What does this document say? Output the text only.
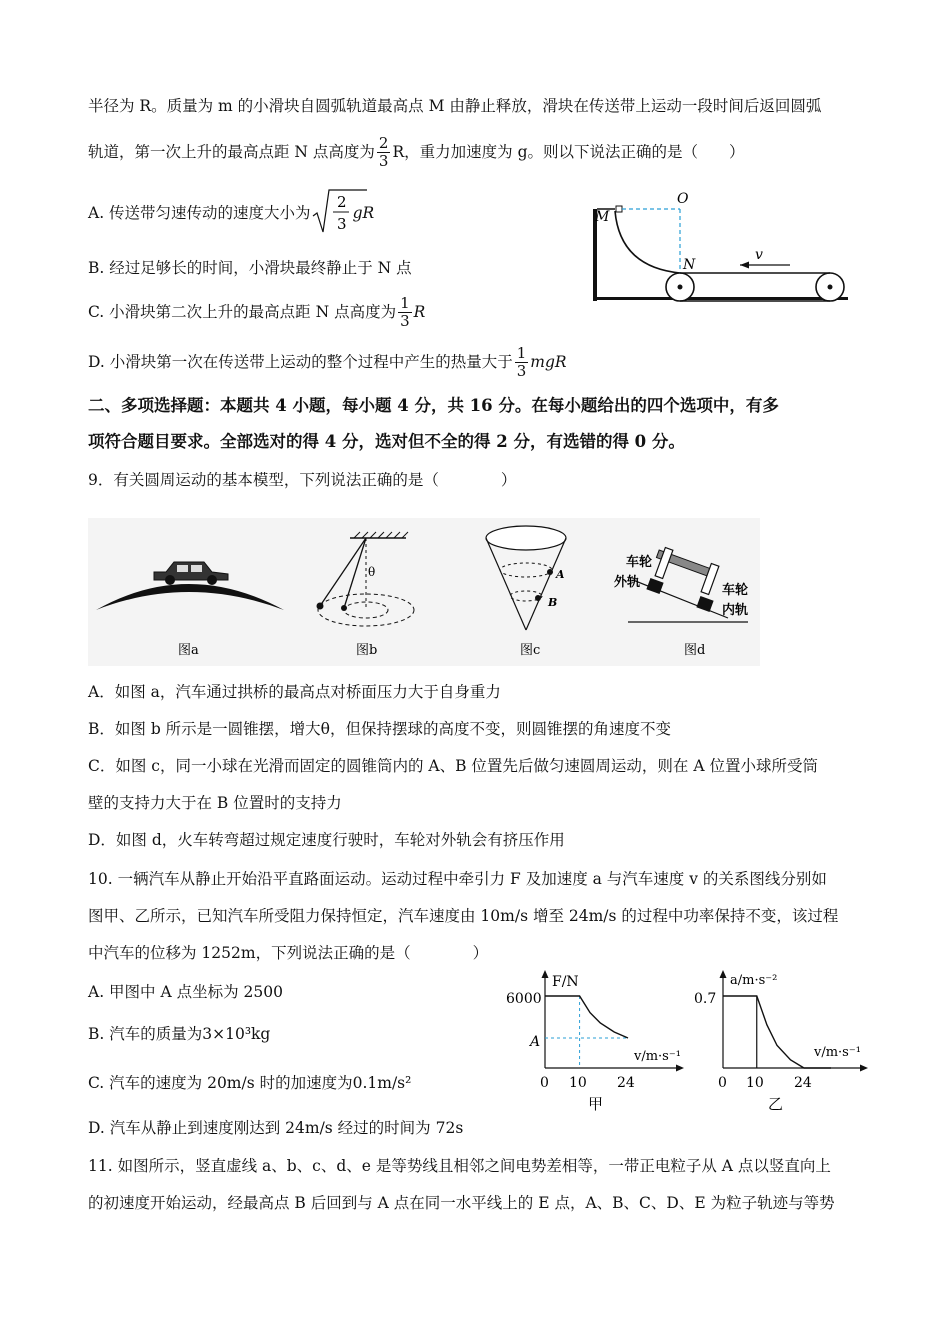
半径为 R。质量为 m 的小滑块自圆弧轨道最高点 M 由静止释放，滑块在传送带上运动一段时间后返回圆弧
轨道，第一次上升的最高点距 N 点高度为 $\frac{2}{3}$ R，重力加速度为 g。则以下说法正确的是（　　）
A. 传送带匀速传动的速度大小为
2
3
gR
B. 经过足够长的时间，小滑块最终静止于 N 点
C. 小滑块第二次上升的最高点距 N 点高度为 $\frac{1}{3}$ R
D. 小滑块第一次在传送带上运动的整个过程中产生的热量大于 $\frac{1}{3}$ mgR
O
M
N
v
二、多项选择题：本题共 4 小题，每小题 4 分，共 16 分。在每小题给出的四个选项中，有多
项符合题目要求。全部选对的得 4 分，选对但不全的得 2 分，有选错的得 0 分。
9．有关圆周运动的基本模型，下列说法正确的是（　　　　）
图a
θ
图b
A
B
图c
车轮
外轨
车轮
内轨
图d
A．如图 a，汽车通过拱桥的最高点对桥面压力大于自身重力
B．如图 b 所示是一圆锥摆，增大θ，但保持摆球的高度不变，则圆锥摆的角速度不变
C．如图 c，同一小球在光滑而固定的圆锥筒内的 A、B 位置先后做匀速圆周运动，则在 A 位置小球所受筒
壁的支持力大于在 B 位置时的支持力
D．如图 d，火车转弯超过规定速度行驶时，车轮对外轨会有挤压作用
10. 一辆汽车从静止开始沿平直路面运动。运动过程中牵引力 F 及加速度 a 与汽车速度 v 的关系图线分别如
图甲、乙所示，已知汽车所受阻力保持恒定，汽车速度由 10m/s 增至 24m/s 的过程中功率保持不变，该过程
中汽车的位移为 1252m，下列说法正确的是（　　　　）
A. 甲图中 A 点坐标为 2500
B. 汽车的质量为3×10³kg
C. 汽车的速度为 20m/s 时的加速度为0.1m/s²
D. 汽车从静止到速度刚达到 24m/s 经过的时间为 72s
F/N
v/m·s⁻¹
6000
A
0 10 24
甲
a/m·s⁻²
v/m·s⁻¹
0.7
0 10 24
乙
11. 如图所示，竖直虚线 a、b、c、d、e 是等势线且相邻之间电势差相等，一带正电粒子从 A 点以竖直向上
的初速度开始运动，经最高点 B 后回到与 A 点在同一水平线上的 E 点，A、B、C、D、E 为粒子轨迹与等势
